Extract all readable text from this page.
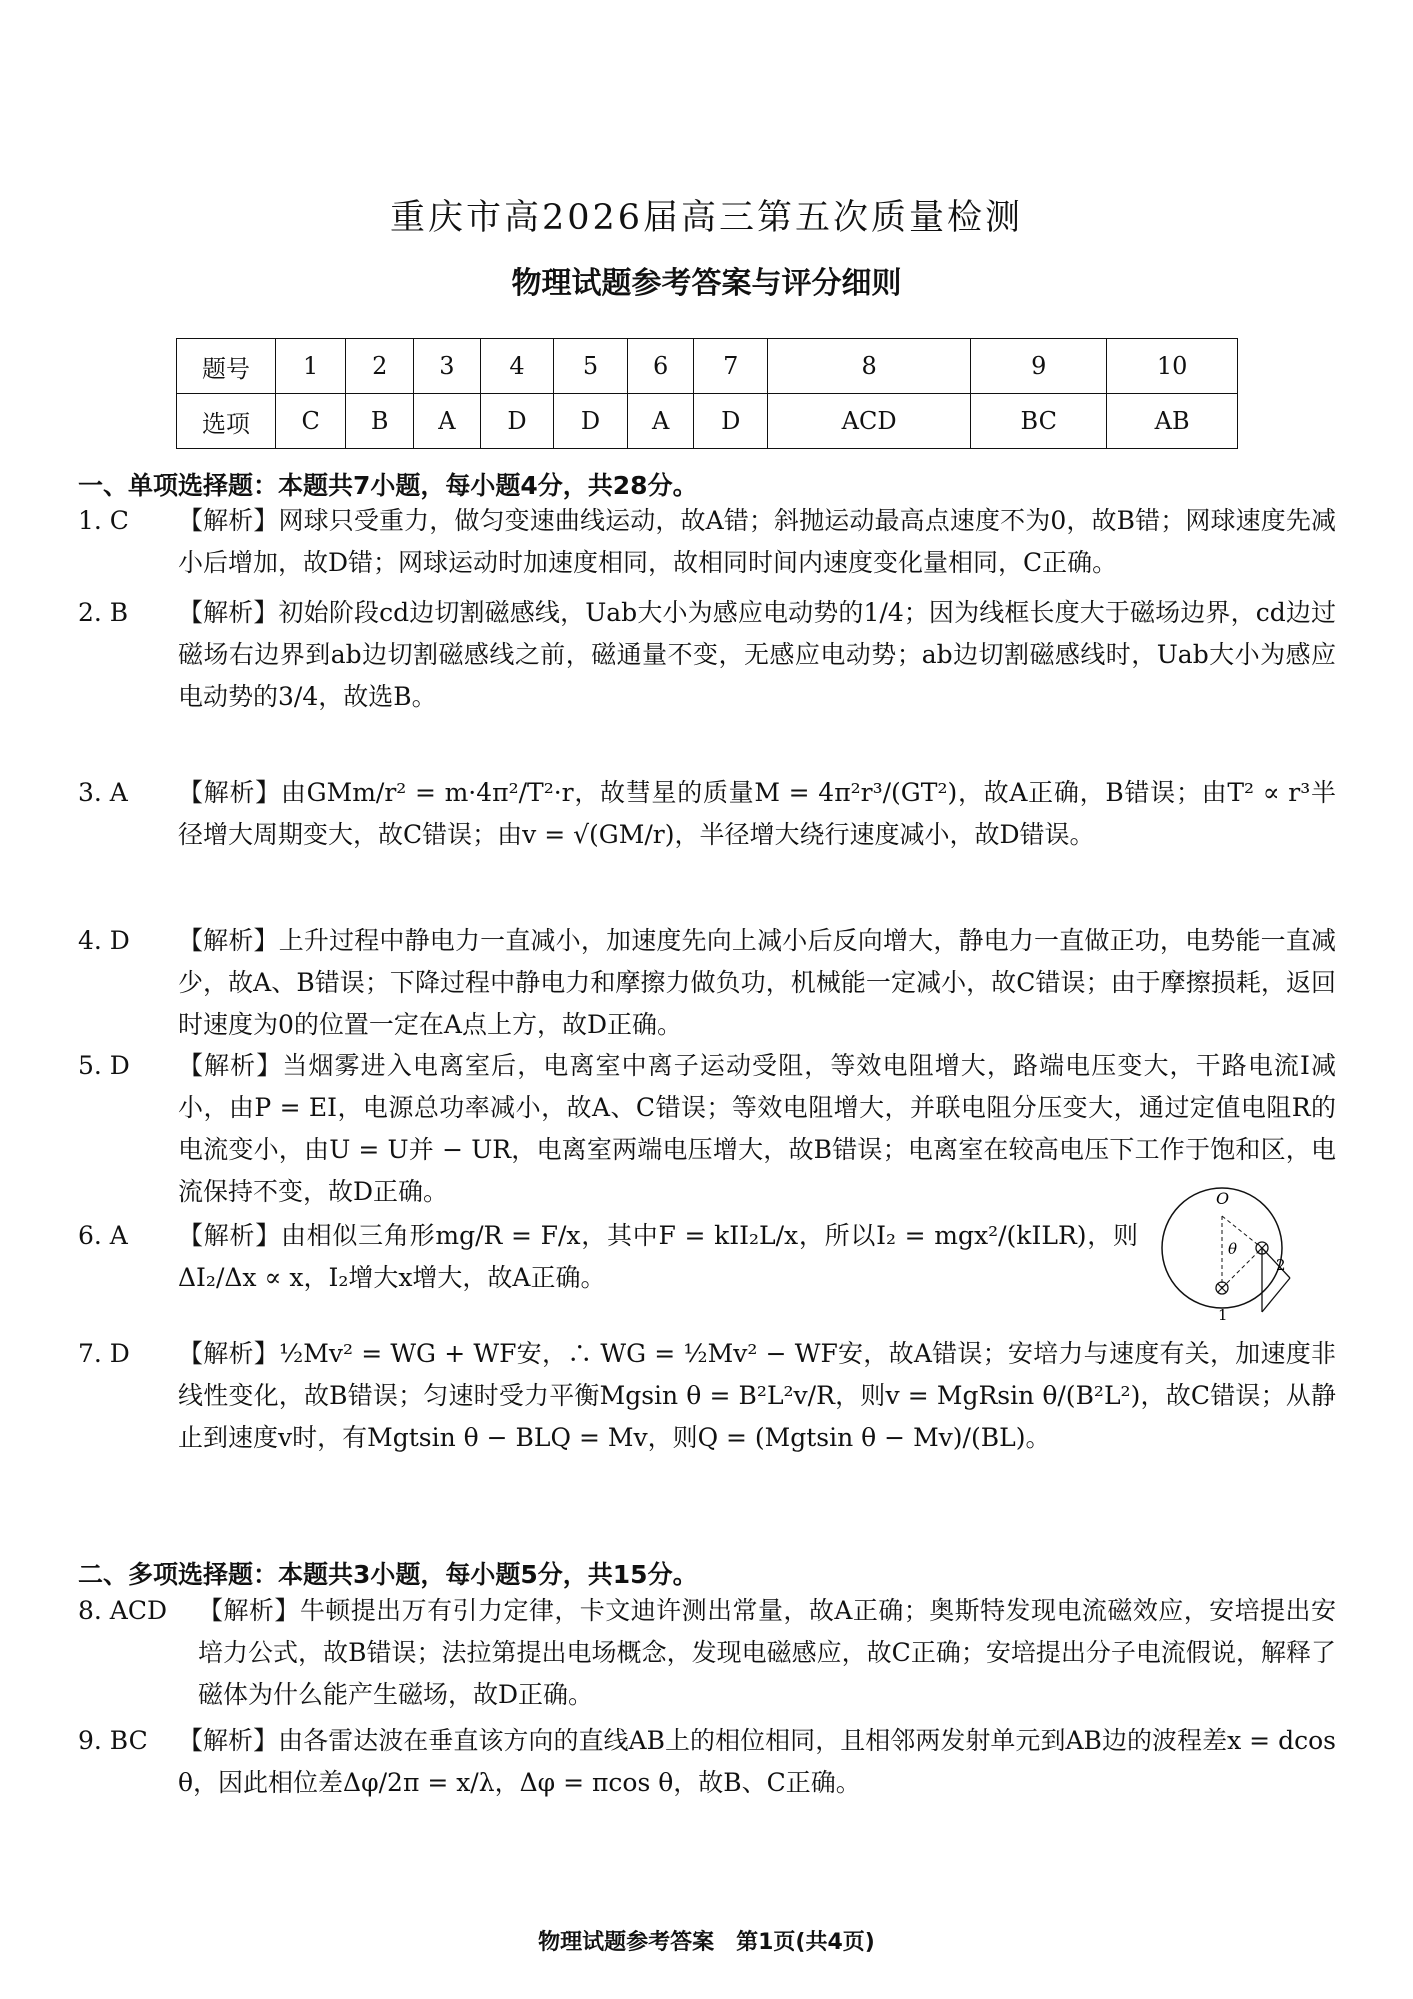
重庆市高2026届高三第五次质量检测
物理试题参考答案与评分细则
题号	1	2	3	4	5	6	7	8	9	10
选项	C	B	A	D	D	A	D	ACD	BC	AB
一、单项选择题：本题共7小题，每小题4分，共28分。
1. C 【解析】网球只受重力，做匀变速曲线运动，故A错；斜抛运动最高点速度不为0，故B错；网球速度先减小后增加，故D错；网球运动时加速度相同，故相同时间内速度变化量相同，C正确。
2. B 【解析】初始阶段cd边切割磁感线，Uab大小为感应电动势的1/4；因为线框长度大于磁场边界，cd边过磁场右边界到ab边切割磁感线之前，磁通量不变，无感应电动势；ab边切割磁感线时，Uab大小为感应电动势的3/4，故选B。
3. A 【解析】由GMm/r² = m·4π²/T²·r，故彗星的质量M = 4π²r³/(GT²)，故A正确，B错误；由T² ∝ r³半径增大周期变大，故C错误；由v = √(GM/r)，半径增大绕行速度减小，故D错误。
4. D 【解析】上升过程中静电力一直减小，加速度先向上减小后反向增大，静电力一直做正功，电势能一直减少，故A、B错误；下降过程中静电力和摩擦力做负功，机械能一定减小，故C错误；由于摩擦损耗，返回时速度为0的位置一定在A点上方，故D正确。
5. D 【解析】当烟雾进入电离室后，电离室中离子运动受阻，等效电阻增大，路端电压变大，干路电流I减小，由P = EI，电源总功率减小，故A、C错误；等效电阻增大，并联电阻分压变大，通过定值电阻R的电流变小，由U = U并 − UR，电离室两端电压增大，故B错误；电离室在较高电压下工作于饱和区，电流保持不变，故D正确。
6. A 【解析】由相似三角形mg/R = F/x，其中F = kII₂L/x，所以I₂ = mgx²/(kILR)，则ΔI₂/Δx ∝ x，I₂增大x增大，故A正确。
O
θ
1
2
7. D 【解析】½Mv² = WG + WF安，∴ WG = ½Mv² − WF安，故A错误；安培力与速度有关，加速度非线性变化，故B错误；匀速时受力平衡Mgsin θ = B²L²v/R，则v = MgRsin θ/(B²L²)，故C错误；从静止到速度v时，有Mgtsin θ − BLQ = Mv，则Q = (Mgtsin θ − Mv)/(BL)。
二、多项选择题：本题共3小题，每小题5分，共15分。
8. ACD 【解析】牛顿提出万有引力定律，卡文迪许测出常量，故A正确；奥斯特发现电流磁效应，安培提出安培力公式，故B错误；法拉第提出电场概念，发现电磁感应，故C正确；安培提出分子电流假说，解释了磁体为什么能产生磁场，故D正确。
9. BC 【解析】由各雷达波在垂直该方向的直线AB上的相位相同，且相邻两发射单元到AB边的波程差x = dcos θ，因此相位差Δφ/2π = x/λ，Δφ = πcos θ，故B、C正确。
物理试题参考答案　第1页(共4页)
